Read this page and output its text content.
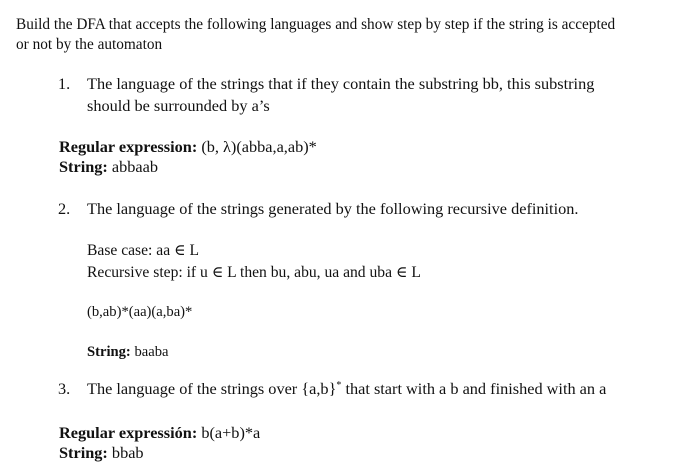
Build the DFA that accepts the following languages and show step by step if the string is accepted
or not by the automaton
1. The language of the strings that if they contain the substring bb, this substring
should be surrounded by a’s
Regular expression: (b, λ)(abba,a,ab)*
String: abbaab
2. The language of the strings generated by the following recursive definition.
Base case: aa ∈ L
Recursive step: if u ∈ L then bu, abu, ua and uba ∈ L
(b,ab)*(aa)(a,ba)*
String: baaba
3. The language of the strings over {a,b}* that start with a b and finished with an a
Regular expressión: b(a+b)*a
String: bbab
